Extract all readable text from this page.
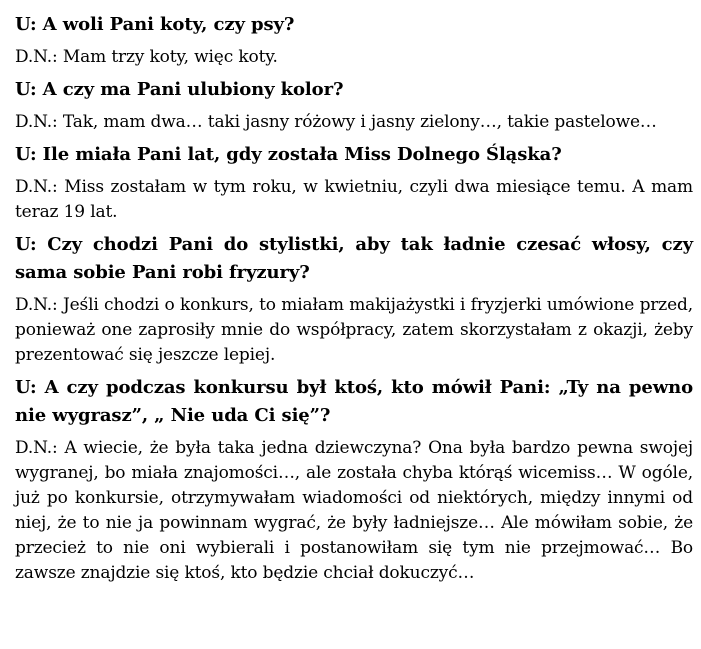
U: A woli Pani koty, czy psy?

D.N.: Mam trzy koty, więc koty.

U: A czy ma Pani ulubiony kolor?

D.N.: Tak, mam dwa… taki jasny różowy i jasny zielony…, takie pastelowe…

U: Ile miała Pani lat, gdy została Miss Dolnego Śląska?

D.N.: Miss zostałam w tym roku, w kwietniu, czyli dwa miesiące temu. A mam teraz 19 lat.

U: Czy chodzi Pani do stylistki, aby tak ładnie czesać włosy, czy sama sobie Pani robi fryzury?

D.N.: Jeśli chodzi o konkurs, to miałam makijażystki i fryzjerki umówione przed, ponieważ one zaprosiły mnie do współpracy, zatem skorzystałam z okazji, żeby prezentować się jeszcze lepiej.

U: A czy podczas konkursu był ktoś, kto mówił Pani: „Ty na pewno nie wygrasz”, „ Nie uda Ci się”?

D.N.: A wiecie, że była taka jedna dziewczyna? Ona była bardzo pewna swojej wygranej, bo miała znajomości…, ale została chyba którąś wicemiss… W ogóle, już po konkursie, otrzymywałam wiadomości od niektórych, między innymi od niej, że to nie ja powinnam wygrać, że były ładniejsze… Ale mówiłam sobie, że przecież to nie oni wybierali i postanowiłam się tym nie przejmować… Bo zawsze znajdzie się ktoś, kto będzie chciał dokuczyć…
